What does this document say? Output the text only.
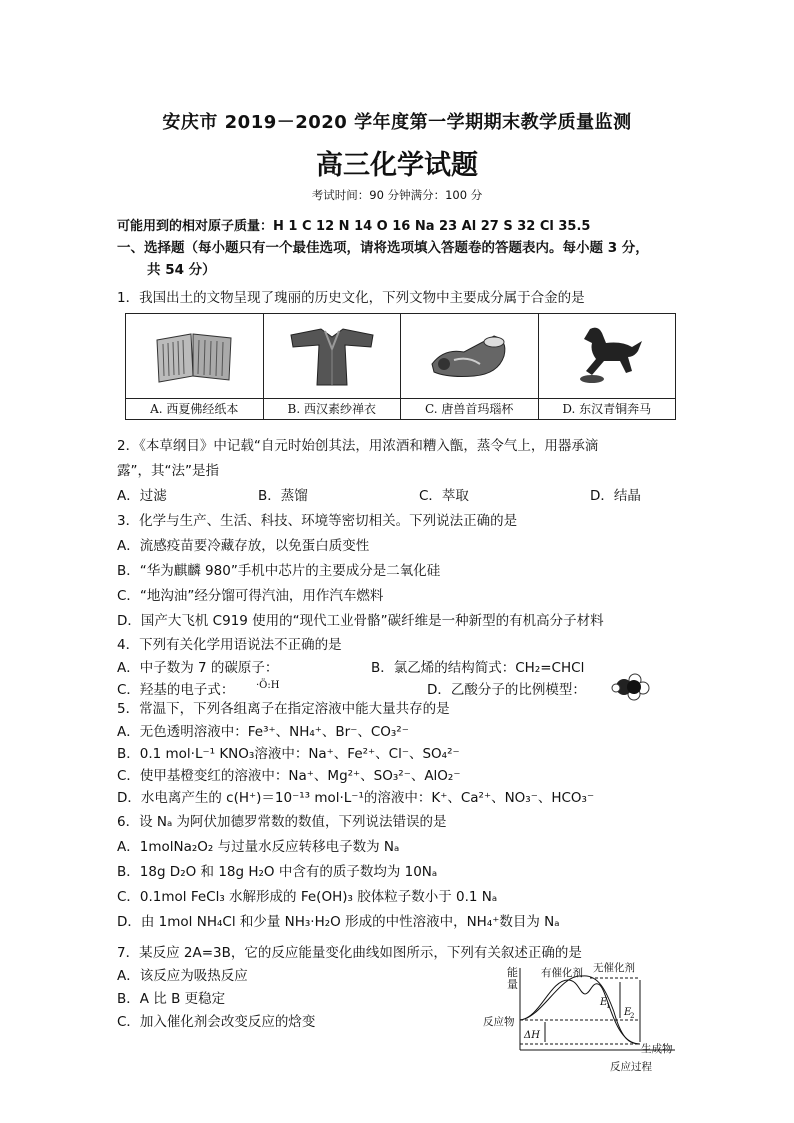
安庆市 2019－2020 学年度第一学期期末教学质量监测
高三化学试题
考试时间：90 分钟满分：100 分
可能用到的相对原子质量：H 1 C 12 N 14 O 16 Na 23 Al 27 S 32 Cl 35.5
一、选择题（每小题只有一个最佳选项，请将选项填入答题卷的答题表内。每小题 3 分，
共 54 分）
1．我国出土的文物呈现了瑰丽的历史文化，下列文物中主要成分属于合金的是
A. 西夏佛经纸本	B. 西汉素纱禅衣	C. 唐兽首玛瑙杯	D. 东汉青铜奔马
2．《本草纲目》中记载“自元时始创其法，用浓酒和糟入甑，蒸令气上，用器承滴
露”，其“法”是指
A．过滤	B．蒸馏	C．萃取	D．结晶
3．化学与生产、生活、科技、环境等密切相关。下列说法正确的是
A．流感疫苗要冷藏存放，以免蛋白质变性
B．“华为麒麟 980”手机中芯片的主要成分是二氧化硅
C．“地沟油”经分馏可得汽油，用作汽车燃料
D．国产大飞机 C919 使用的“现代工业骨骼”碳纤维是一种新型的有机高分子材料
4．下列有关化学用语说法不正确的是
A．中子数为 7 的碳原子：	B．氯乙烯的结构简式：CH₂=CHCl
C．羟基的电子式： ·Ö:H	D．乙酸分子的比例模型：
5．常温下，下列各组离子在指定溶液中能大量共存的是
A．无色透明溶液中：Fe³⁺、NH₄⁺、Br⁻、CO₃²⁻
B．0.1 mol·L⁻¹ KNO₃溶液中：Na⁺、Fe²⁺、Cl⁻、SO₄²⁻
C．使甲基橙变红的溶液中：Na⁺、Mg²⁺、SO₃²⁻、AlO₂⁻
D．水电离产生的 c(H⁺)＝10⁻¹³ mol·L⁻¹的溶液中：K⁺、Ca²⁺、NO₃⁻、HCO₃⁻
6．设 Nₐ 为阿伏加德罗常数的数值，下列说法错误的是
A．1molNa₂O₂ 与过量水反应转移电子数为 Nₐ
B．18g D₂O 和 18g H₂O 中含有的质子数均为 10Nₐ
C．0.1mol FeCl₃ 水解形成的 Fe(OH)₃ 胶体粒子数小于 0.1 Nₐ
D．由 1mol NH₄Cl 和少量 NH₃·H₂O 形成的中性溶液中，NH₄⁺数目为 Nₐ
7．某反应 2A=3B，它的反应能量变化曲线如图所示，下列有关叙述正确的是
A．该反应为吸热反应
B．A 比 B 更稳定
C．加入催化剂会改变反应的焓变
能
量
有催化剂 无催化剂
反应物
生成物
反应过程
E
1
E
2
ΔH
